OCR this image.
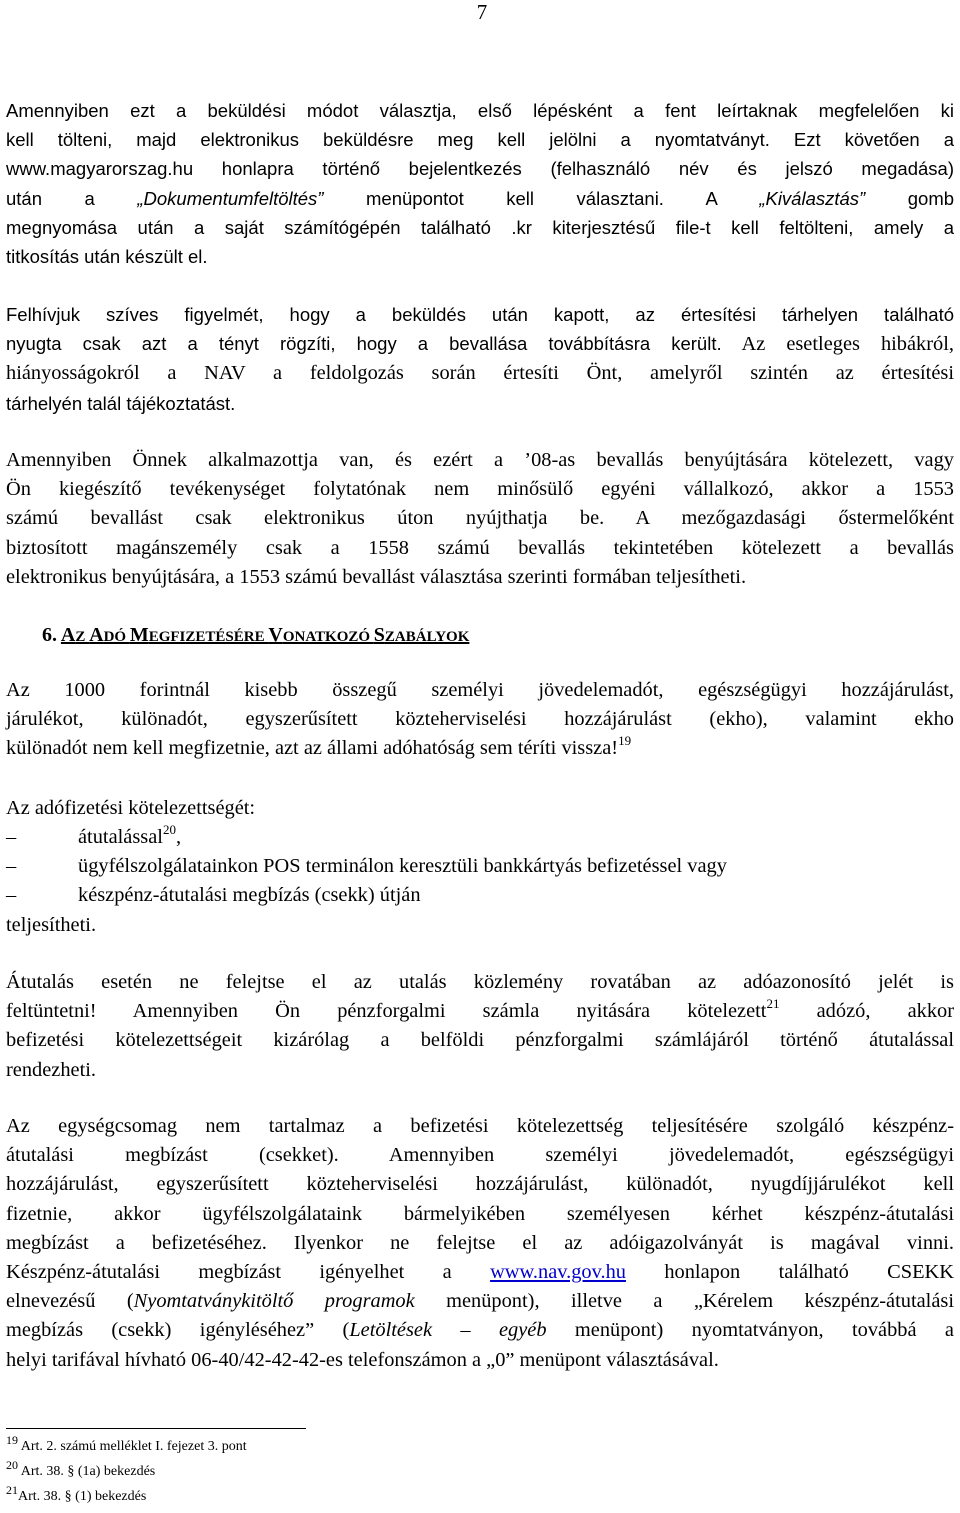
7
Amennyiben ezt a beküldési módot választja, első lépésként a fent leírtaknak megfelelően ki
kell tölteni, majd elektronikus beküldésre meg kell jelölni a nyomtatványt. Ezt követően a
www.magyarorszag.hu honlapra történő bejelentkezés (felhasználó név és jelszó megadása)
után a „Dokumentumfeltöltés” menüpontot kell választani. A „Kiválasztás” gomb
megnyomása után a saját számítógépén található .kr kiterjesztésű file-t kell feltölteni, amely a
titkosítás után készült el.
Felhívjuk szíves figyelmét, hogy a beküldés után kapott, az értesítési tárhelyen található
nyugta csak azt a tényt rögzíti, hogy a bevallása továbbításra került. Az esetleges hibákról,
hiányosságokról a NAV a feldolgozás során értesíti Önt, amelyről szintén az értesítési
tárhelyén talál tájékoztatást.
Amennyiben Önnek alkalmazottja van, és ezért a ’08-as bevallás benyújtására kötelezett, vagy
Ön kiegészítő tevékenységet folytatónak nem minősülő egyéni vállalkozó, akkor a 1553
számú bevallást csak elektronikus úton nyújthatja be. A mezőgazdasági őstermelőként
biztosított magánszemély csak a 1558 számú bevallás tekintetében kötelezett a bevallás
elektronikus benyújtására, a 1553 számú bevallást választása szerinti formában teljesítheti.
6. AZ ADÓ MEGFIZETÉSÉRE VONATKOZÓ SZABÁLYOK
Az 1000 forintnál kisebb összegű személyi jövedelemadót, egészségügyi hozzájárulást,
járulékot, különadót, egyszerűsített közteherviselési hozzájárulást (ekho), valamint ekho
különadót nem kell megfizetnie, azt az állami adóhatóság sem téríti vissza!$^{19}$
Az adófizetési kötelezettségét:
–	átutalással$^{20}$,
–	ügyfélszolgálatainkon POS terminálon keresztüli bankkártyás befizetéssel vagy
–	készpénz-átutalási megbízás (csekk) útján
teljesítheti.
Átutalás esetén ne felejtse el az utalás közlemény rovatában az adóazonosító jelét is
feltüntetni! Amennyiben Ön pénzforgalmi számla nyitására kötelezett$^{21}$ adózó, akkor
befizetési kötelezettségeit kizárólag a belföldi pénzforgalmi számlájáról történő átutalással
rendezheti.
Az egységcsomag nem tartalmaz a befizetési kötelezettség teljesítésére szolgáló készpénz-
átutalási megbízást (csekket). Amennyiben személyi jövedelemadót, egészségügyi
hozzájárulást, egyszerűsített közteherviselési hozzájárulást, különadót, nyugdíjjárulékot kell
fizetnie, akkor ügyfélszolgálataink bármelyikében személyesen kérhet készpénz-átutalási
megbízást a befizetéséhez. Ilyenkor ne felejtse el az adóigazolványát is magával vinni.
Készpénz-átutalási megbízást igényelhet a www.nav.gov.hu honlapon található CSEKK
elnevezésű (Nyomtatványkitöltő programok menüpont), illetve a „Kérelem készpénz-átutalási
megbízás (csekk) igényléséhez” (Letöltések – egyéb menüpont) nyomtatványon, továbbá a
helyi tarifával hívható 06-40/42-42-42-es telefonszámon a „0” menüpont választásával.
$^{19}$ Art. 2. számú melléklet I. fejezet 3. pont
$^{20}$ Art. 38. § (1a) bekezdés
$^{21}$Art. 38. § (1) bekezdés
